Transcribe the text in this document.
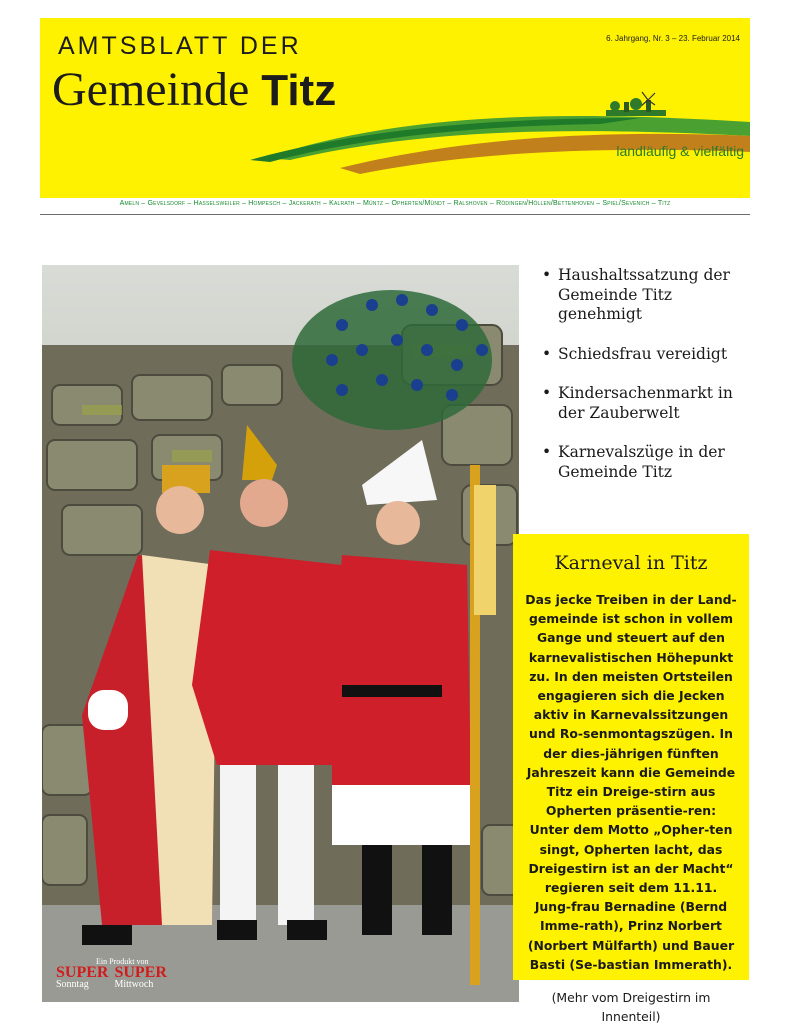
AMTSBLATT DER
Gemeinde Titz
6. Jahrgang, Nr. 3 – 23. Februar 2014
landläufig & vielfältig
Ameln – Gevelsdorf – Hasselsweiler – Hompesch – Jackerath – Kalrath – Müntz – Opherten/Mündt – Ralshoven – Rödingen/Höllen/Bettenhoven – Spiel/Sevenich – Titz
Ein Produkt von
SUPER
Sonntag
SUPER
Mittwoch
• Haushaltssatzung der Gemeinde Titz genehmigt
• Schiedsfrau vereidigt
• Kindersachenmarkt in der Zauberwelt
• Karnevalszüge in der Gemeinde Titz
Karneval in Titz
Das jecke Treiben in der Land-gemeinde ist schon in vollem Gange und steuert auf den karnevalistischen Höhepunkt zu. In den meisten Ortsteilen engagieren sich die Jecken aktiv in Karnevalssitzungen und Ro-senmontagszügen. In der dies-jährigen fünften Jahreszeit kann die Gemeinde Titz ein Dreige-stirn aus Opherten präsentie-ren: Unter dem Motto „Opher-ten singt, Opherten lacht, das Dreigestirn ist an der Macht“ regieren seit dem 11.11. Jung-frau Bernadine (Bernd Imme-rath), Prinz Norbert (Norbert Mülfarth) und Bauer Basti (Se-bastian Immerath).
(Mehr vom Dreigestirn im Innenteil)
